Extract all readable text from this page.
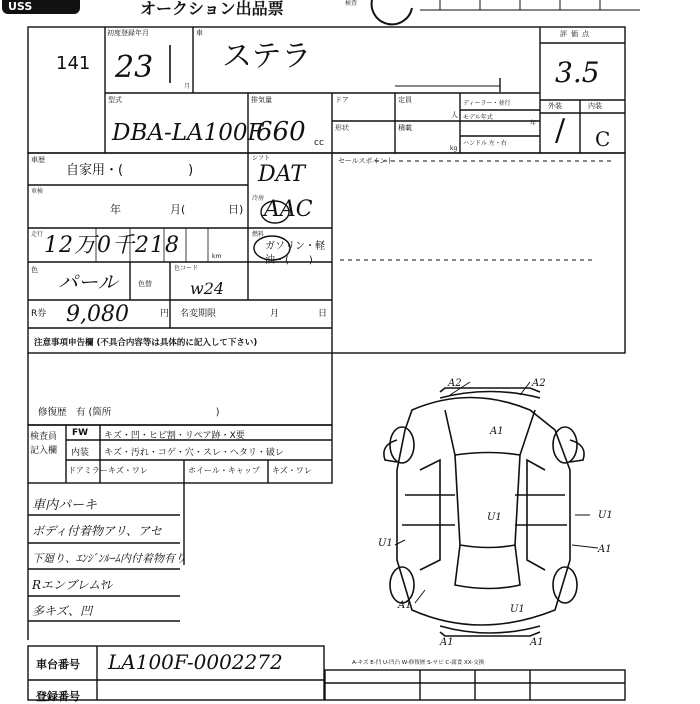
USS	オークション出品票	検査
141
初度登録年月
23
月
車
ステラ
評価点
3.5
型式
DBA-LA100F
排気量
660 cc
ドア	定員
人
ディーラー・並行
モデル年式
年
形状	積載
kg
ハンドル 左・右
外装	内装
/ C
車歴
自家用・(　　　　　)
車検
年	月(	日)
シフト
DAT
冷房 AAC
走行 12万0千218	km
燃料
ガソリン・軽油・(　　)
色 パール	色替
色コード
w24
R券 9,080	円 名変期限	月	日
注意事項申告欄 (不具合内容等は具体的に記入して下さい)
修復歴　有 (箇所　　　　　　　　　　　)
セールスポイント
検査員記入欄
FW キズ・凹・ヒビ割・リペア跡・X要
内装 キズ・汚れ・コゲ・穴・スレ・ヘタリ・破レ
ドアミラー キズ・ワレ	ホイール・キャップ キズ・ワレ
車内パーキ
ボディ付着物アリ、アセ
下廻り、ｴﾝｼﾞﾝﾙｰﾑ内付着物有り
Rエンブレムﾔﾚ
多キズ、凹
車台番号 LA100F-0002272
登録番号
A-キズ E-凹 U-凹凸 W-修復歴 S-サビ C-腐食 XX-交換
A2	A2
A1
U1	U1
U1
A1
A1
A1
U1
A1
